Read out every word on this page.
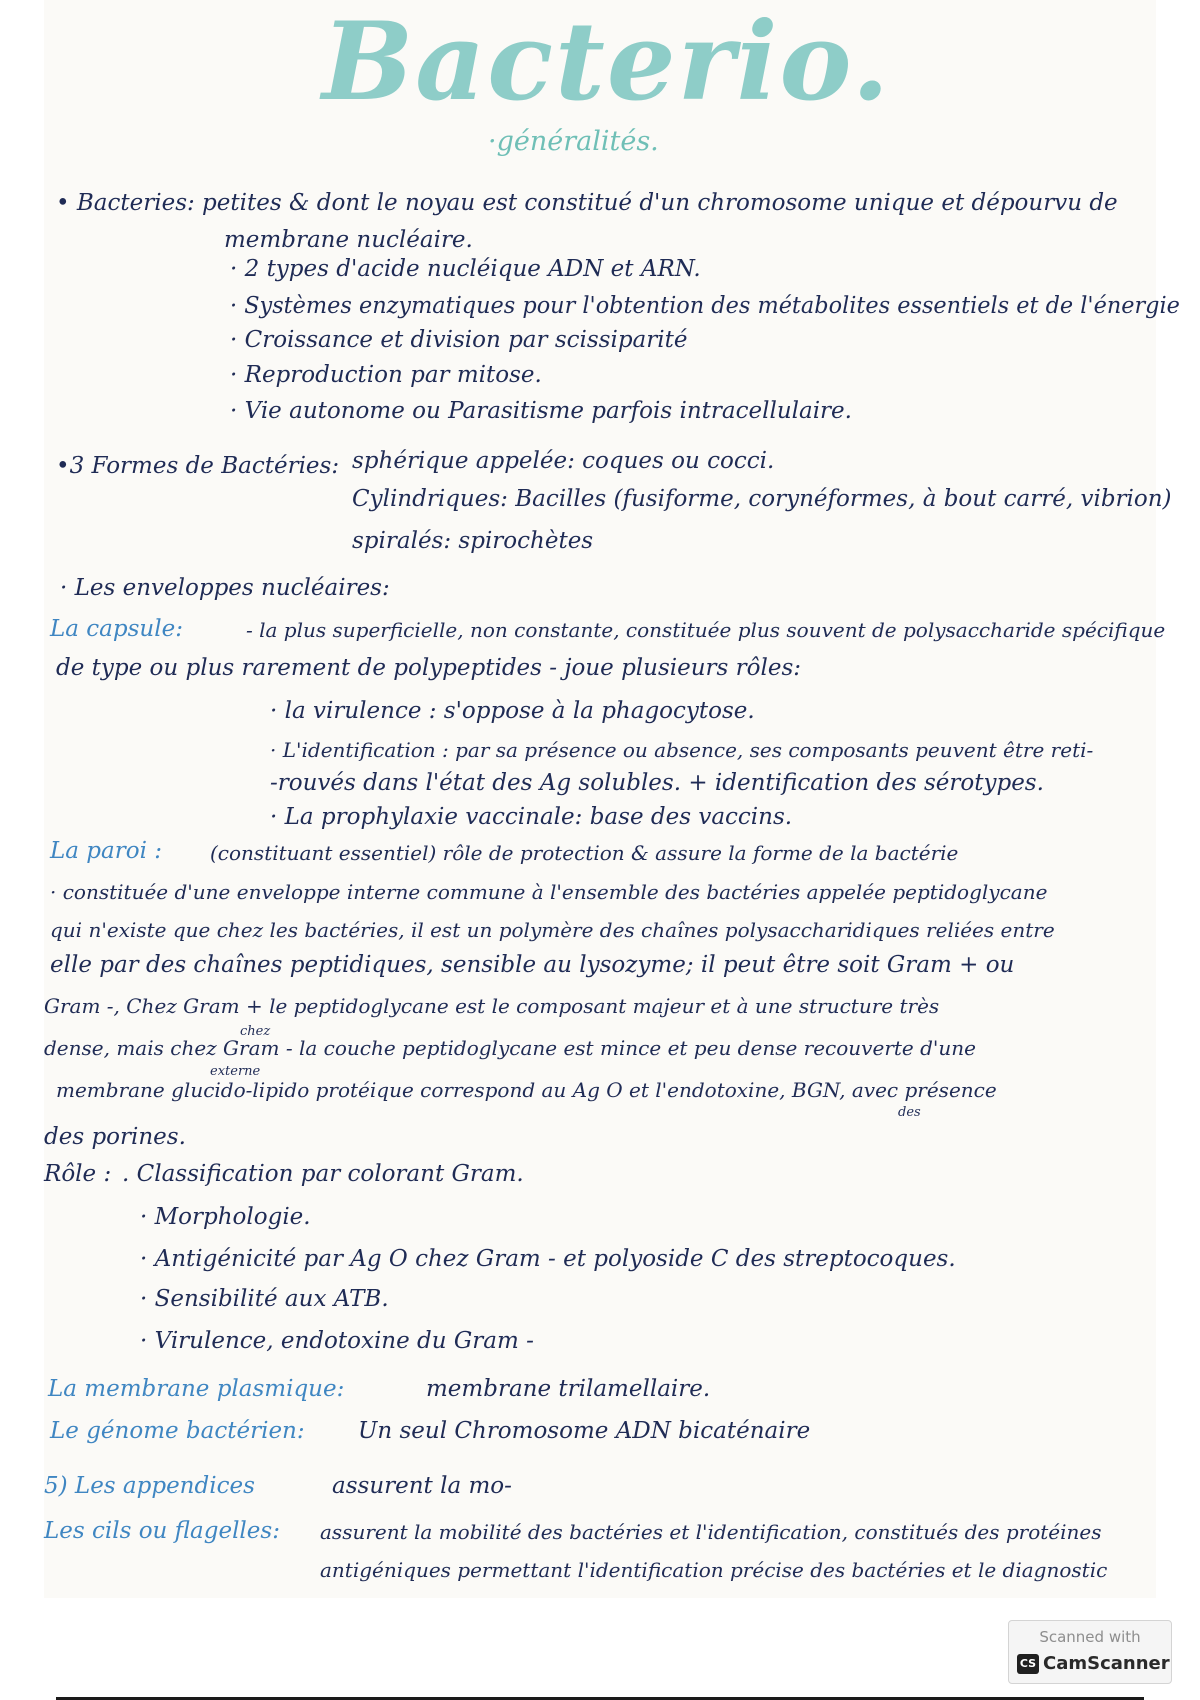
Bacterio.
·généralités.

• Bacteries: petites & dont le noyau est constitué d'un chromosome unique et dépourvu de

membrane nucléaire.

· 2 types d'acide nucléique ADN et ARN.

· Systèmes enzymatiques pour l'obtention des métabolites essentiels et de l'énergie

· Croissance et division par scissiparité

· Reproduction par mitose.

· Vie autonome ou Parasitisme parfois intracellulaire.

•3 Formes de Bactéries: sphérique appelée: coques ou cocci.

Cylindriques: Bacilles (fusiforme, corynéformes, à bout carré, vibrion)

spiralés: spirochètes

· Les enveloppes nucléaires:

La capsule:	- la plus superficielle, non constante, constituée plus souvent de polysaccharide spécifique

de type ou plus rarement de polypeptides - joue plusieurs rôles:

· la virulence : s'oppose à la phagocytose.

· L'identification : par sa présence ou absence, ses composants peuvent être reti-

-rouvés dans l'état des Ag solubles. + identification des sérotypes.

· La prophylaxie vaccinale: base des vaccins.

La paroi : (constituant essentiel) rôle de protection & assure la forme de la bactérie

· constituée d'une enveloppe interne commune à l'ensemble des bactéries appelée peptidoglycane

qui n'existe que chez les bactéries, il est un polymère des chaînes polysaccharidiques reliées entre

elle par des chaînes peptidiques, sensible au lysozyme; il peut être soit Gram + ou

Gram -, Chez Gram + le peptidoglycane est le composant majeur et à une structure très

chez

dense, mais chez Gram - la couche peptidoglycane est mince et peu dense recouverte d'une

externe

membrane glucido-lipido protéique correspond au Ag O et l'endotoxine, BGN, avec présence

des

des porines.

Rôle : . Classification par colorant Gram.

· Morphologie.

· Antigénicité par Ag O chez Gram - et polyoside C des streptocoques.

· Sensibilité aux ATB.

· Virulence, endotoxine du Gram -

La membrane plasmique:	membrane trilamellaire.

Le génome bactérien: Un seul Chromosome ADN bicaténaire

5) Les appendices	assurent la mo-

Les cils ou flagelles: assurent la mobilité des bactéries et l'identification, constitués des protéines

antigéniques permettant l'identification précise des bactéries et le diagnostic

Scanned with
CS CamScanner
